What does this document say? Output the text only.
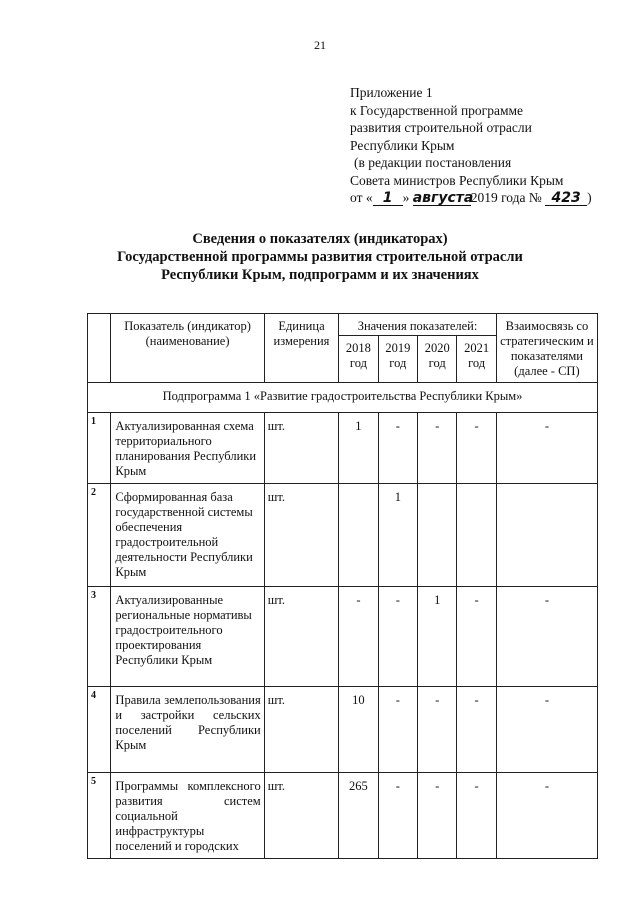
21
Приложение 1
к Государственной программе
развития строительной отрасли
Республики Крым
(в редакции постановления
Совета министров Республики Крым
от « 1 » августа2019 года № 423 )
Сведения о показателях (индикаторах)
Государственной программы развития строительной отрасли
Республики Крым, подпрограмм и их значениях
	Показатель (индикатор) (наименование)	Единица измерения	Значения показателей:				Взаимосвязь со стратегическим и показателями (далее - СП)
			2018 год	2019 год	2020 год	2021 год	
Подпрограмма 1 «Развитие градостроительства Республики Крым»							
1	Актуализированная схема территориального планирования Республики Крым	шт.	1	-	-	-	-
2	Сформированная база государственной системы обеспечения градостроительной деятельности Республики Крым	шт.		1			
3	Актуализированные региональные нормативы градостроительного проектирования Республики Крым	шт.	-	-	1	-	-
4	Правила землепользования и застройки сельских поселений Республики Крым	шт.	10	-	-	-	-
5	Программы комплексного развития систем социальной инфраструктуры поселений и городских	шт.	265	-	-	-	-
